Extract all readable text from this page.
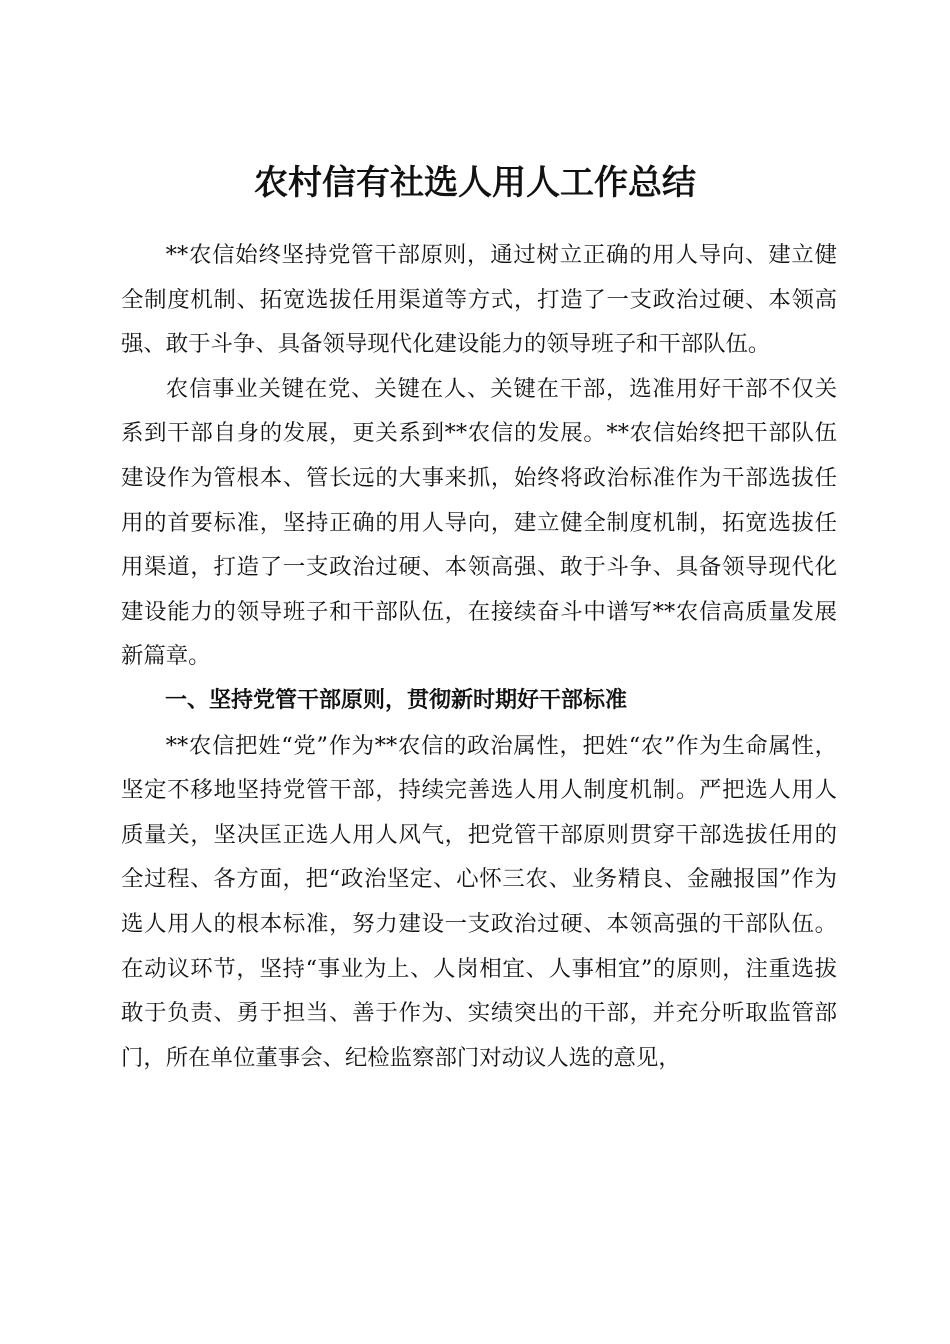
农村信有社选人用人工作总结

**农信始终坚持党管干部原则，通过树立正确的用人导向、建立健全制度机制、拓宽选拔任用渠道等方式，打造了一支政治过硬、本领高强、敢于斗争、具备领导现代化建设能力的领导班子和干部队伍。

农信事业关键在党、关键在人、关键在干部，选准用好干部不仅关系到干部自身的发展，更关系到**农信的发展。**农信始终把干部队伍建设作为管根本、管长远的大事来抓，始终将政治标准作为干部选拔任用的首要标准，坚持正确的用人导向，建立健全制度机制，拓宽选拔任用渠道，打造了一支政治过硬、本领高强、敢于斗争、具备领导现代化建设能力的领导班子和干部队伍，在接续奋斗中谱写**农信高质量发展新篇章。

一、坚持党管干部原则，贯彻新时期好干部标准

**农信把姓“党”作为**农信的政治属性，把姓“农”作为生命属性，坚定不移地坚持党管干部，持续完善选人用人制度机制。严把选人用人质量关，坚决匡正选人用人风气，把党管干部原则贯穿干部选拔任用的全过程、各方面，把“政治坚定、心怀三农、业务精良、金融报国”作为选人用人的根本标准，努力建设一支政治过硬、本领高强的干部队伍。在动议环节，坚持“事业为上、人岗相宜、人事相宜”的原则，注重选拔敢于负责、勇于担当、善于作为、实绩突出的干部，并充分听取监管部门，所在单位董事会、纪检监察部门对动议人选的意见，
